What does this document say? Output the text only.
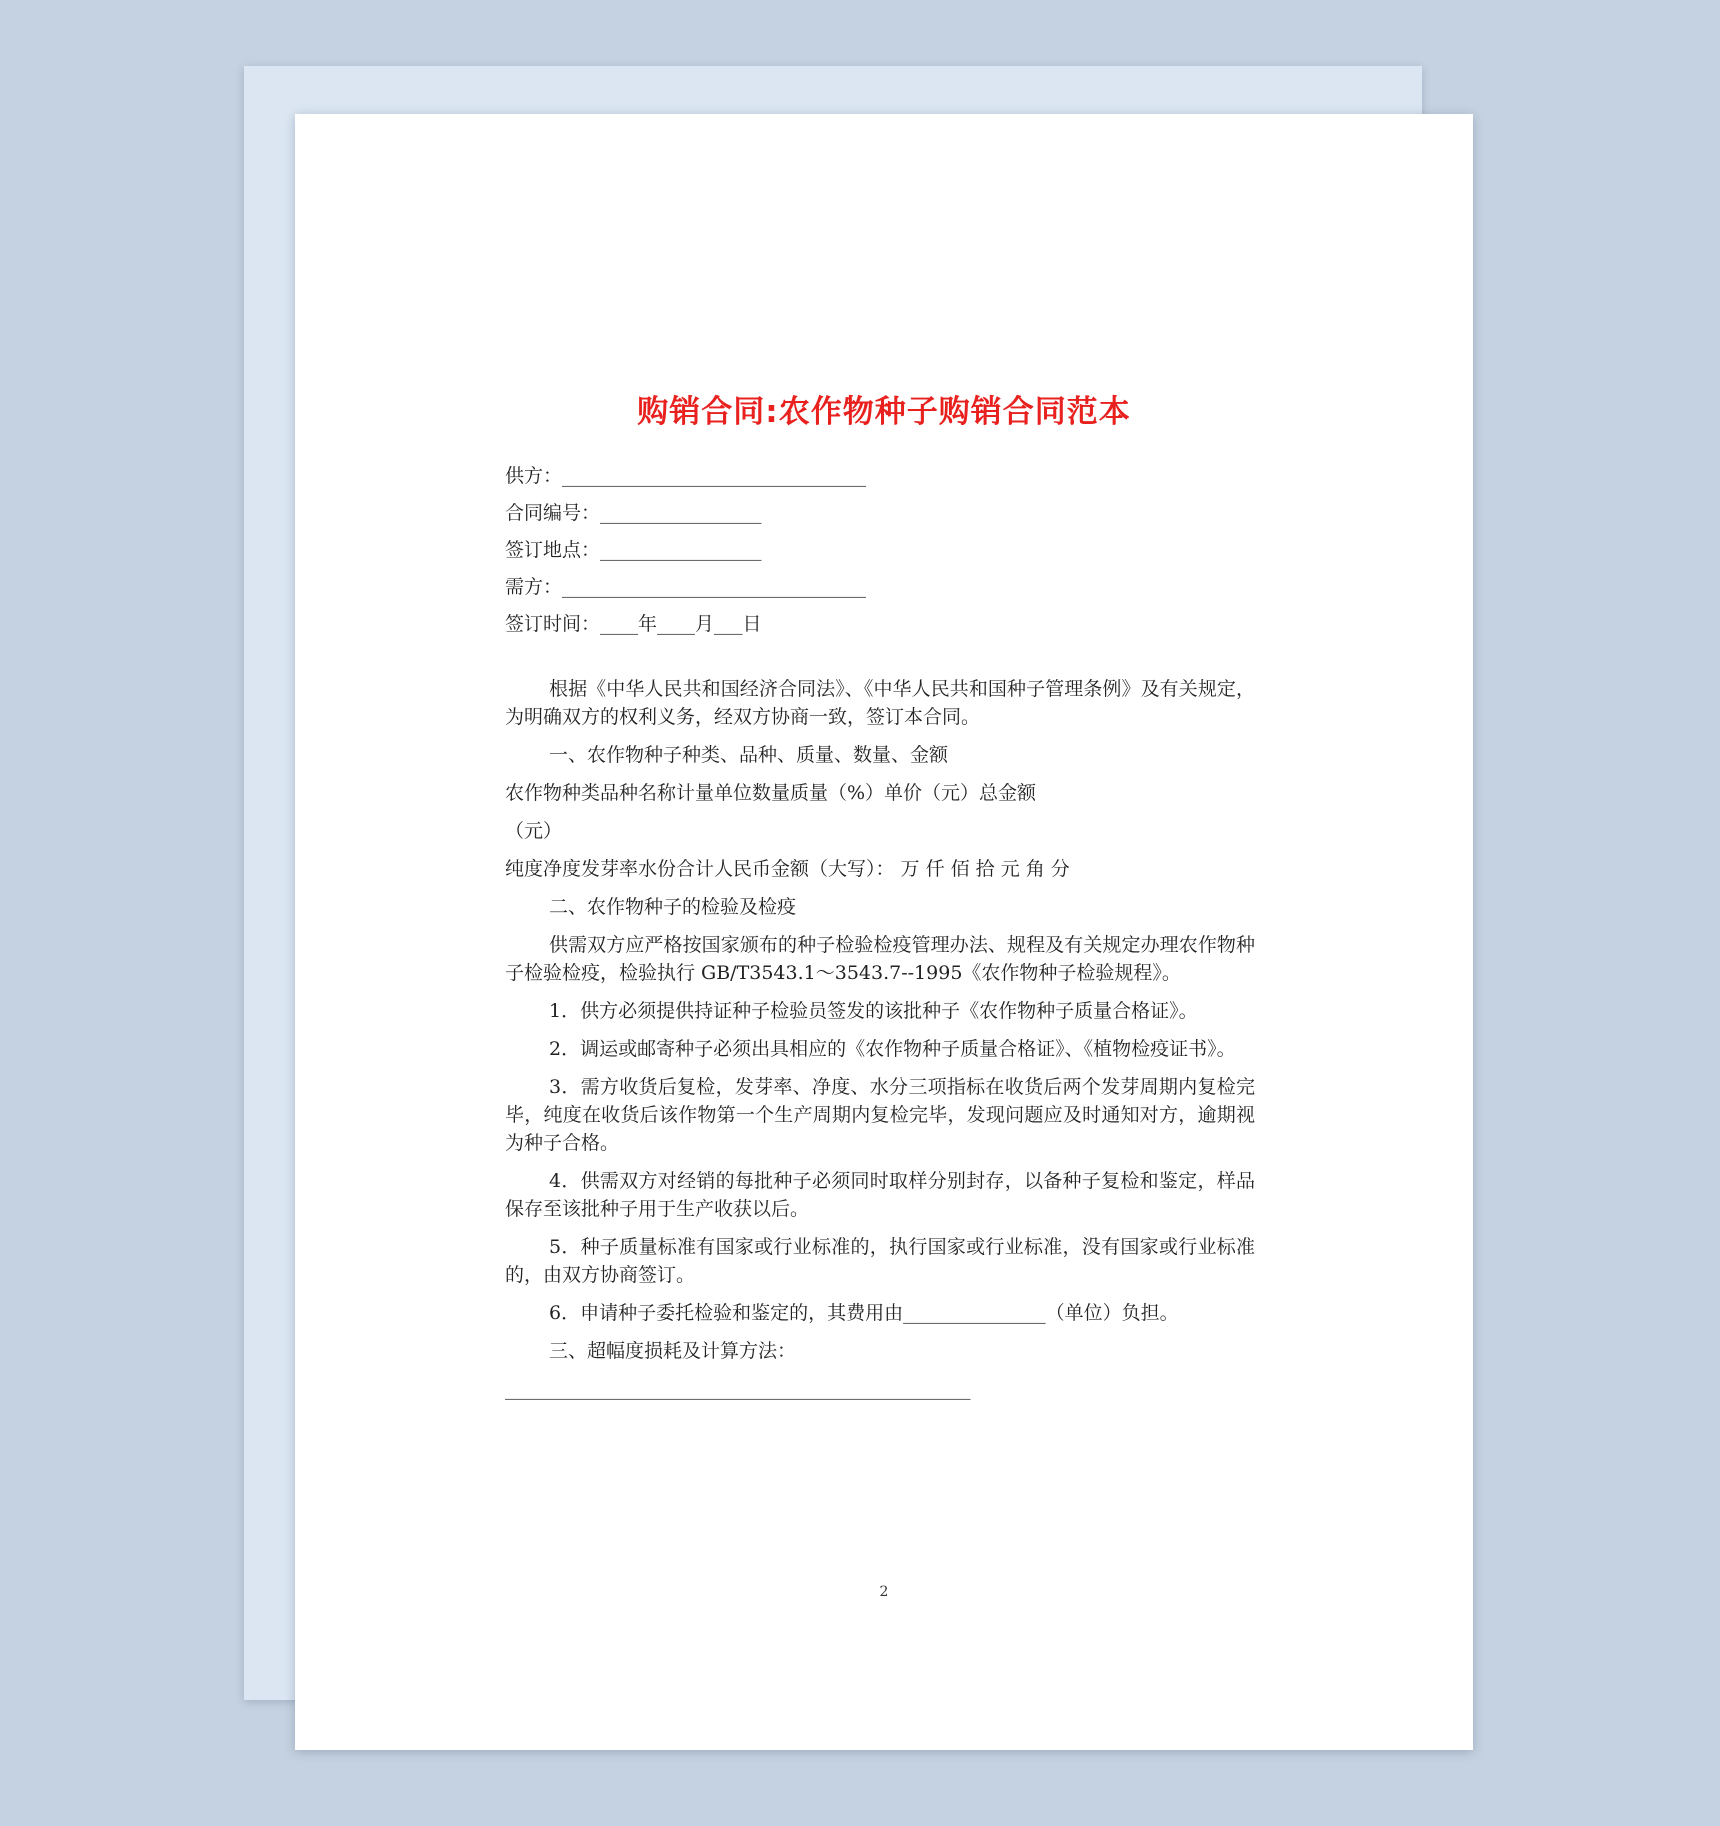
购销合同:农作物种子购销合同范本
供方：________________________________
合同编号：_________________
签订地点：_________________
需方：________________________________
签订时间：____年____月___日
根据《中华人民共和国经济合同法》、《中华人民共和国种子管理条例》及有关规定，为明确双方的权利义务，经双方协商一致，签订本合同。
一、农作物种子种类、品种、质量、数量、金额
农作物种类品种名称计量单位数量质量（%）单价（元）总金额
（元）
纯度净度发芽率水份合计人民币金额（大写）： 万 仟 佰 拾 元 角 分
二、农作物种子的检验及检疫
供需双方应严格按国家颁布的种子检验检疫管理办法、规程及有关规定办理农作物种子检验检疫，检验执行 GB/T3543.1～3543.7--1995《农作物种子检验规程》。
1．供方必须提供持证种子检验员签发的该批种子《农作物种子质量合格证》。
2．调运或邮寄种子必须出具相应的《农作物种子质量合格证》、《植物检疫证书》。
3．需方收货后复检，发芽率、净度、水分三项指标在收货后两个发芽周期内复检完毕，纯度在收货后该作物第一个生产周期内复检完毕，发现问题应及时通知对方，逾期视为种子合格。
4．供需双方对经销的每批种子必须同时取样分别封存，以备种子复检和鉴定，样品保存至该批种子用于生产收获以后。
5．种子质量标准有国家或行业标准的，执行国家或行业标准，没有国家或行业标准的，由双方协商签订。
6．申请种子委托检验和鉴定的，其费用由_______________（单位）负担。
三、超幅度损耗及计算方法：
_________________________________________________
2
